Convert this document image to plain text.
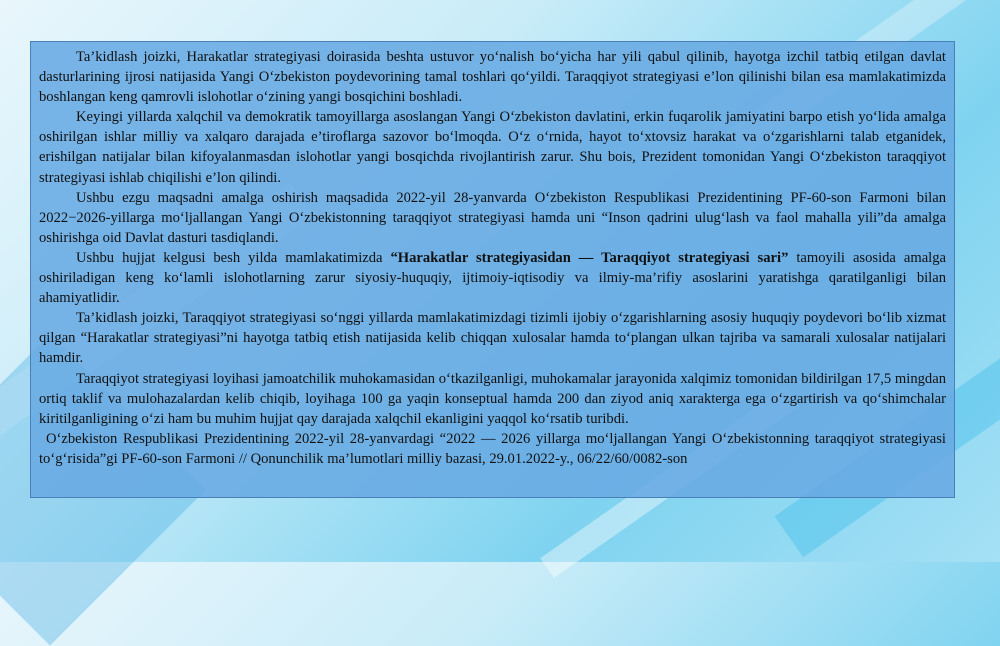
Ta’kidlash joizki, Harakatlar strategiyasi doirasida beshta ustuvor yo‘nalish bo‘yicha har yili qabul qilinib, hayotga izchil tatbiq etilgan davlat dasturlarining ijrosi natijasida Yangi O‘zbekiston poydevorining tamal toshlari qo‘yildi. Taraqqiyot strategiyasi e’lon qilinishi bilan esa mamlakatimizda boshlangan keng qamrovli islohotlar o‘zining yangi bosqichini boshladi.

Keyingi yillarda xalqchil va demokratik tamoyillarga asoslangan Yangi O‘zbekiston davlatini, erkin fuqarolik jamiyatini barpo etish yo‘lida amalga oshirilgan ishlar milliy va xalqaro darajada e’tiroflarga sazovor bo‘lmoqda. O‘z o‘rnida, hayot to‘xtovsiz harakat va o‘zgarishlarni talab etganidek, erishilgan natijalar bilan kifoyalanmasdan islohotlar yangi bosqichda rivojlantirish zarur. Shu bois, Prezident tomonidan Yangi O‘zbekiston taraqqiyot strategiyasi ishlab chiqilishi e’lon qilindi.

Ushbu ezgu maqsadni amalga oshirish maqsadida 2022-yil 28-yanvarda O‘zbekiston Respublikasi Prezidentining PF-60-son Farmoni bilan 2022−2026-yillarga mo‘ljallangan Yangi O‘zbekistonning taraqqiyot strategiyasi hamda uni “Inson qadrini ulug‘lash va faol mahalla yili”da amalga oshirishga oid Davlat dasturi tasdiqlandi.

Ushbu hujjat kelgusi besh yilda mamlakatimizda “Harakatlar strategiyasidan — Taraqqiyot strategiyasi sari” tamoyili asosida amalga oshiriladigan keng ko‘lamli islohotlarning zarur siyosiy-huquqiy, ijtimoiy-iqtisodiy va ilmiy-ma’rifiy asoslarini yaratishga qaratilganligi bilan ahamiyatlidir.

Ta’kidlash joizki, Taraqqiyot strategiyasi so‘nggi yillarda mamlakatimizdagi tizimli ijobiy o‘zgarishlarning asosiy huquqiy poydevori bo‘lib xizmat qilgan “Harakatlar strategiyasi”ni hayotga tatbiq etish natijasida kelib chiqqan xulosalar hamda to‘plangan ulkan tajriba va samarali xulosalar natijalari hamdir.

Taraqqiyot strategiyasi loyihasi jamoatchilik muhokamasidan o‘tkazilganligi, muhokamalar jarayonida xalqimiz tomonidan bildirilgan 17,5 mingdan ortiq taklif va mulohazalardan kelib chiqib, loyihaga 100 ga yaqin konseptual hamda 200 dan ziyod aniq xarakterga ega o‘zgartirish va qo‘shimchalar kiritilganligining o‘zi ham bu muhim hujjat qay darajada xalqchil ekanligini yaqqol ko‘rsatib turibdi.

O‘zbekiston Respublikasi Prezidentining 2022-yil 28-yanvardagi “2022 — 2026 yillarga mo‘ljallangan Yangi O‘zbekistonning taraqqiyot strategiyasi to‘g‘risida”gi PF-60-son Farmoni // Qonunchilik ma’lumotlari milliy bazasi, 29.01.2022-y., 06/22/60/0082-son
